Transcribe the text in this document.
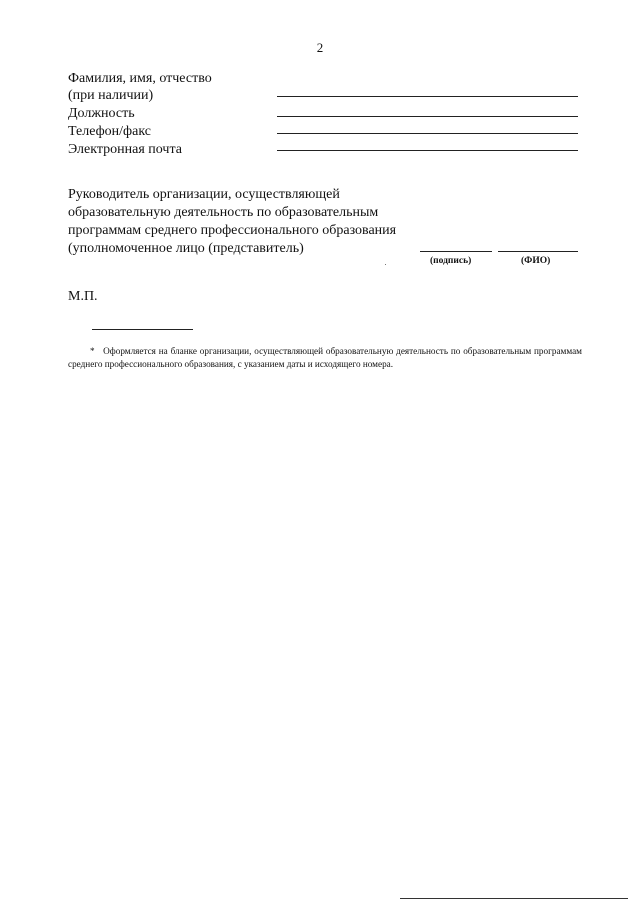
2
Фамилия, имя, отчество
(при наличии)
Должность
Телефон/факс
Электронная почта
Руководитель организации, осуществляющей
образовательную деятельность по образовательным
программам среднего профессионального образования
(уполномоченное лицо (представитель)
(подпись)	(ФИО)
М.П.
* Оформляется на бланке организации, осуществляющей образовательную деятельность по образовательным программам среднего профессионального образования, с указанием даты и исходящего номера.
